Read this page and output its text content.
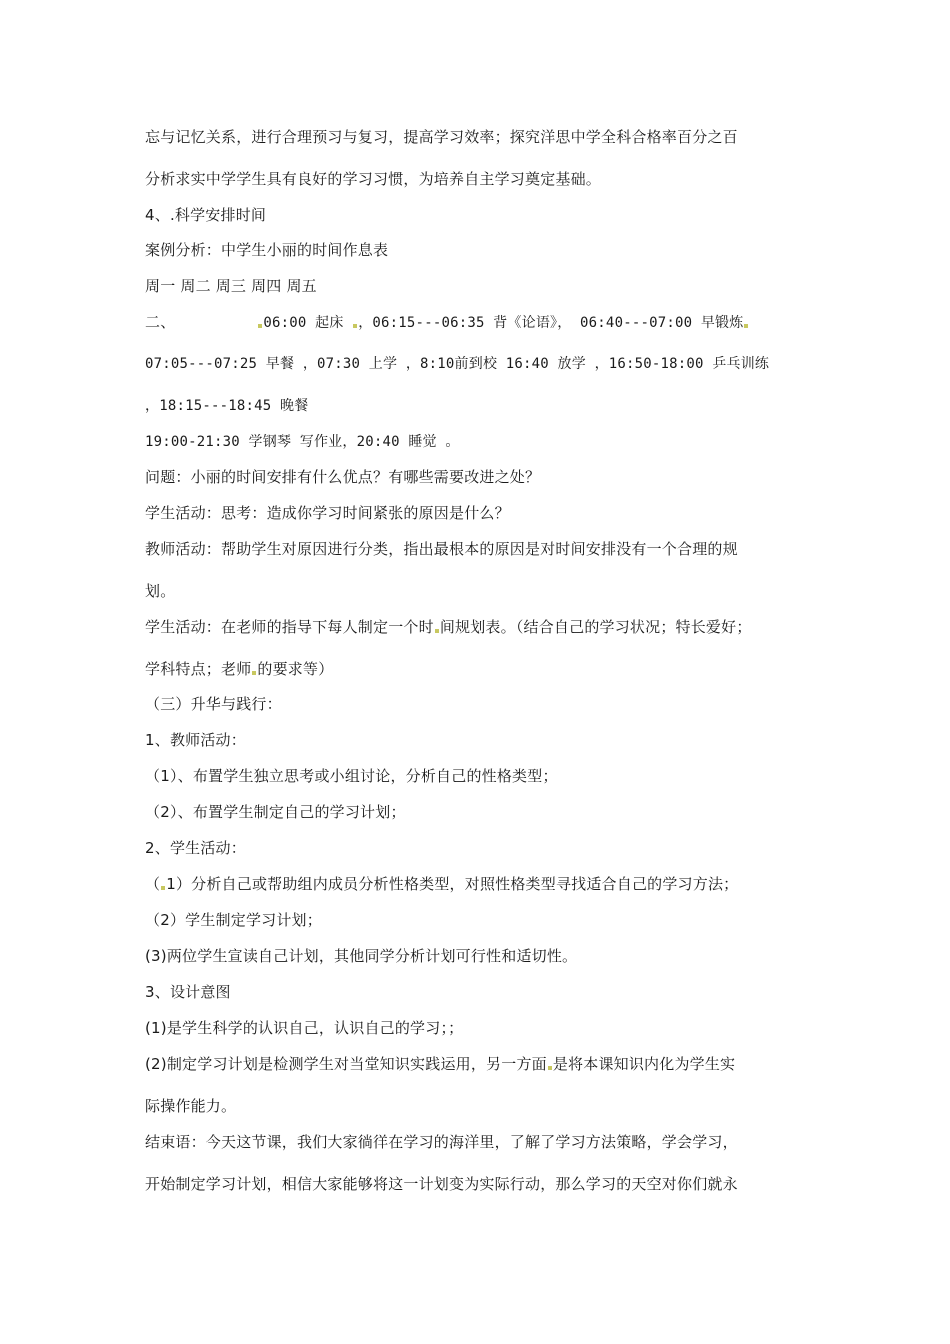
忘与记忆关系，进行合理预习与复习，提高学习效率；探究洋思中学全科合格率百分之百
分析求实中学学生具有良好的学习习惯，为培养自主学习奠定基础。
4、.科学安排时间
案例分析：中学生小丽的时间作息表
周一 周二 周三 周四 周五
二、	06:00 起床 ，06:15---06:35 背《论语》， 06:40---07:00 早锻炼
07:05---07:25 早餐 ，07:30 上学 ，8:10前到校 16:40 放学 ，16:50-18:00 乒乓训练
，18:15---18:45 晚餐
19:00-21:30 学钢琴 写作业，20:40 睡觉 。
问题：小丽的时间安排有什么优点？有哪些需要改进之处？
学生活动：思考：造成你学习时间紧张的原因是什么？
教师活动：帮助学生对原因进行分类，指出最根本的原因是对时间安排没有一个合理的规
划。
学生活动：在老师的指导下每人制定一个时 间规划表。（结合自己的学习状况；特长爱好；
学科特点；老师 的要求等）
（三）升华与践行：
1、教师活动：
（1）、布置学生独立思考或小组讨论，分析自己的性格类型；
（2）、布置学生制定自己的学习计划；
2、学生活动：
（ 1）分析自己或帮助组内成员分析性格类型，对照性格类型寻找适合自己的学习方法；
（2）学生制定学习计划；
(3)两位学生宣读自己计划，其他同学分析计划可行性和适切性。
3、设计意图
(1)是学生科学的认识自己，认识自己的学习；；
(2)制定学习计划是检测学生对当堂知识实践运用，另一方面 是将本课知识内化为学生实
际操作能力。
结束语：今天这节课，我们大家徜徉在学习的海洋里，了解了学习方法策略，学会学习，
开始制定学习计划，相信大家能够将这一计划变为实际行动，那么学习的天空对你们就永
